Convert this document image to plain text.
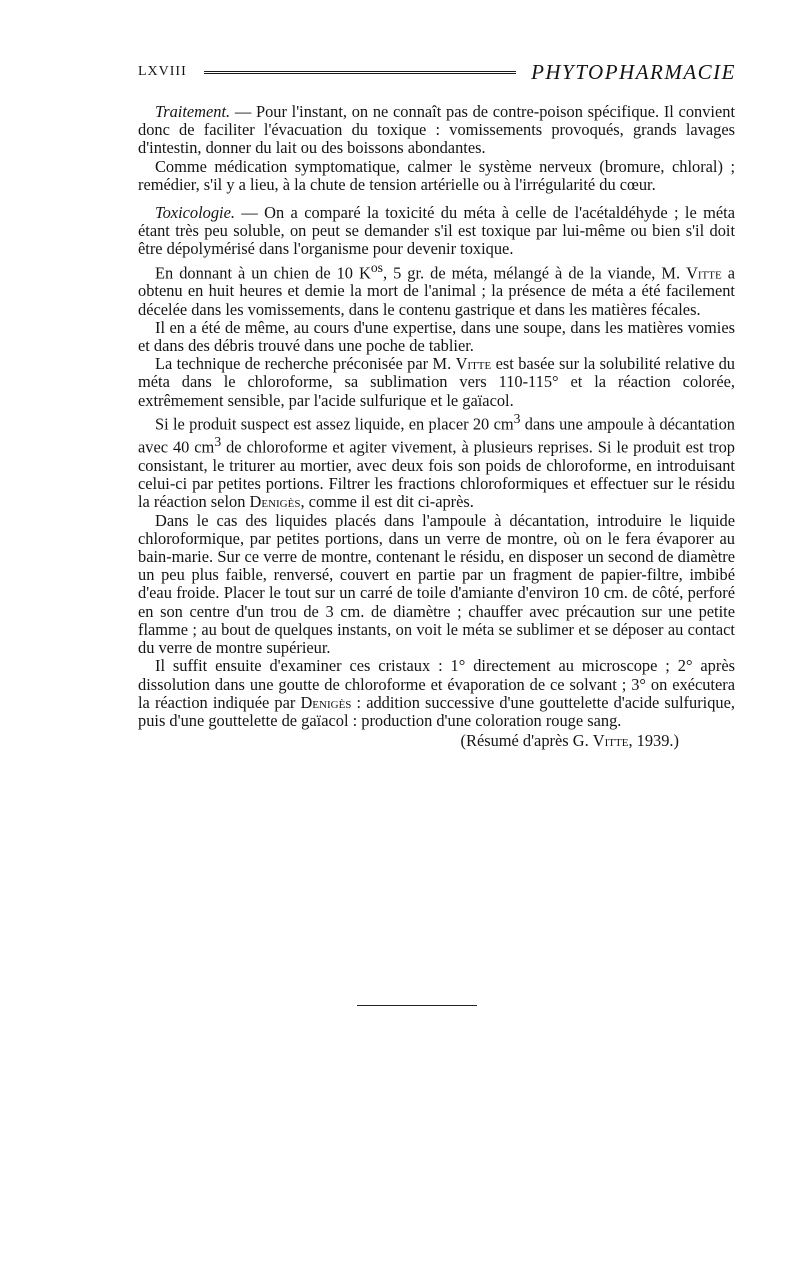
LXVIII	PHYTOPHARMACIE

Traitement. — Pour l'instant, on ne connaît pas de contre-poison spécifique. Il convient donc de faciliter l'évacuation du toxique : vomissements provoqués, grands lavages d'intestin, donner du lait ou des boissons abondantes.

Comme médication symptomatique, calmer le système nerveux (bromure, chloral) ; remédier, s'il y a lieu, à la chute de tension artérielle ou à l'irrégularité du cœur.

Toxicologie. — On a comparé la toxicité du méta à celle de l'acétaldéhyde ; le méta étant très peu soluble, on peut se demander s'il est toxique par lui-même ou bien s'il doit être dépolymérisé dans l'organisme pour devenir toxique.

En donnant à un chien de 10 $K^{os}$, 5 gr. de méta, mélangé à de la viande, M. Vitte a obtenu en huit heures et demie la mort de l'animal ; la présence de méta a été facilement décelée dans les vomissements, dans le contenu gastrique et dans les matières fécales.

Il en a été de même, au cours d'une expertise, dans une soupe, dans les matières vomies et dans des débris trouvé dans une poche de tablier.

La technique de recherche préconisée par M. Vitte est basée sur la solubilité relative du méta dans le chloroforme, sa sublimation vers 110-115° et la réaction colorée, extrêmement sensible, par l'acide sulfurique et le gaïacol.

Si le produit suspect est assez liquide, en placer 20 $cm^3$ dans une ampoule à décantation avec 40 $cm^3$ de chloroforme et agiter vivement, à plusieurs reprises. Si le produit est trop consistant, le triturer au mortier, avec deux fois son poids de chloroforme, en introduisant celui-ci par petites portions. Filtrer les fractions chloroformiques et effectuer sur le résidu la réaction selon Denigès, comme il est dit ci-après.

Dans le cas des liquides placés dans l'ampoule à décantation, introduire le liquide chloroformique, par petites portions, dans un verre de montre, où on le fera évaporer au bain-marie. Sur ce verre de montre, contenant le résidu, en disposer un second de diamètre un peu plus faible, renversé, couvert en partie par un fragment de papier-filtre, imbibé d'eau froide. Placer le tout sur un carré de toile d'amiante d'environ 10 cm. de côté, perforé en son centre d'un trou de 3 cm. de diamètre ; chauffer avec précaution sur une petite flamme ; au bout de quelques instants, on voit le méta se sublimer et se déposer au contact du verre de montre supérieur.

Il suffit ensuite d'examiner ces cristaux : 1° directement au microscope ; 2° après dissolution dans une goutte de chloroforme et évaporation de ce solvant ; 3° on exécutera la réaction indiquée par Denigès : addition successive d'une gouttelette d'acide sulfurique, puis d'une gouttelette de gaïacol : production d'une coloration rouge sang.

(Résumé d'après G. Vitte, 1939.)
